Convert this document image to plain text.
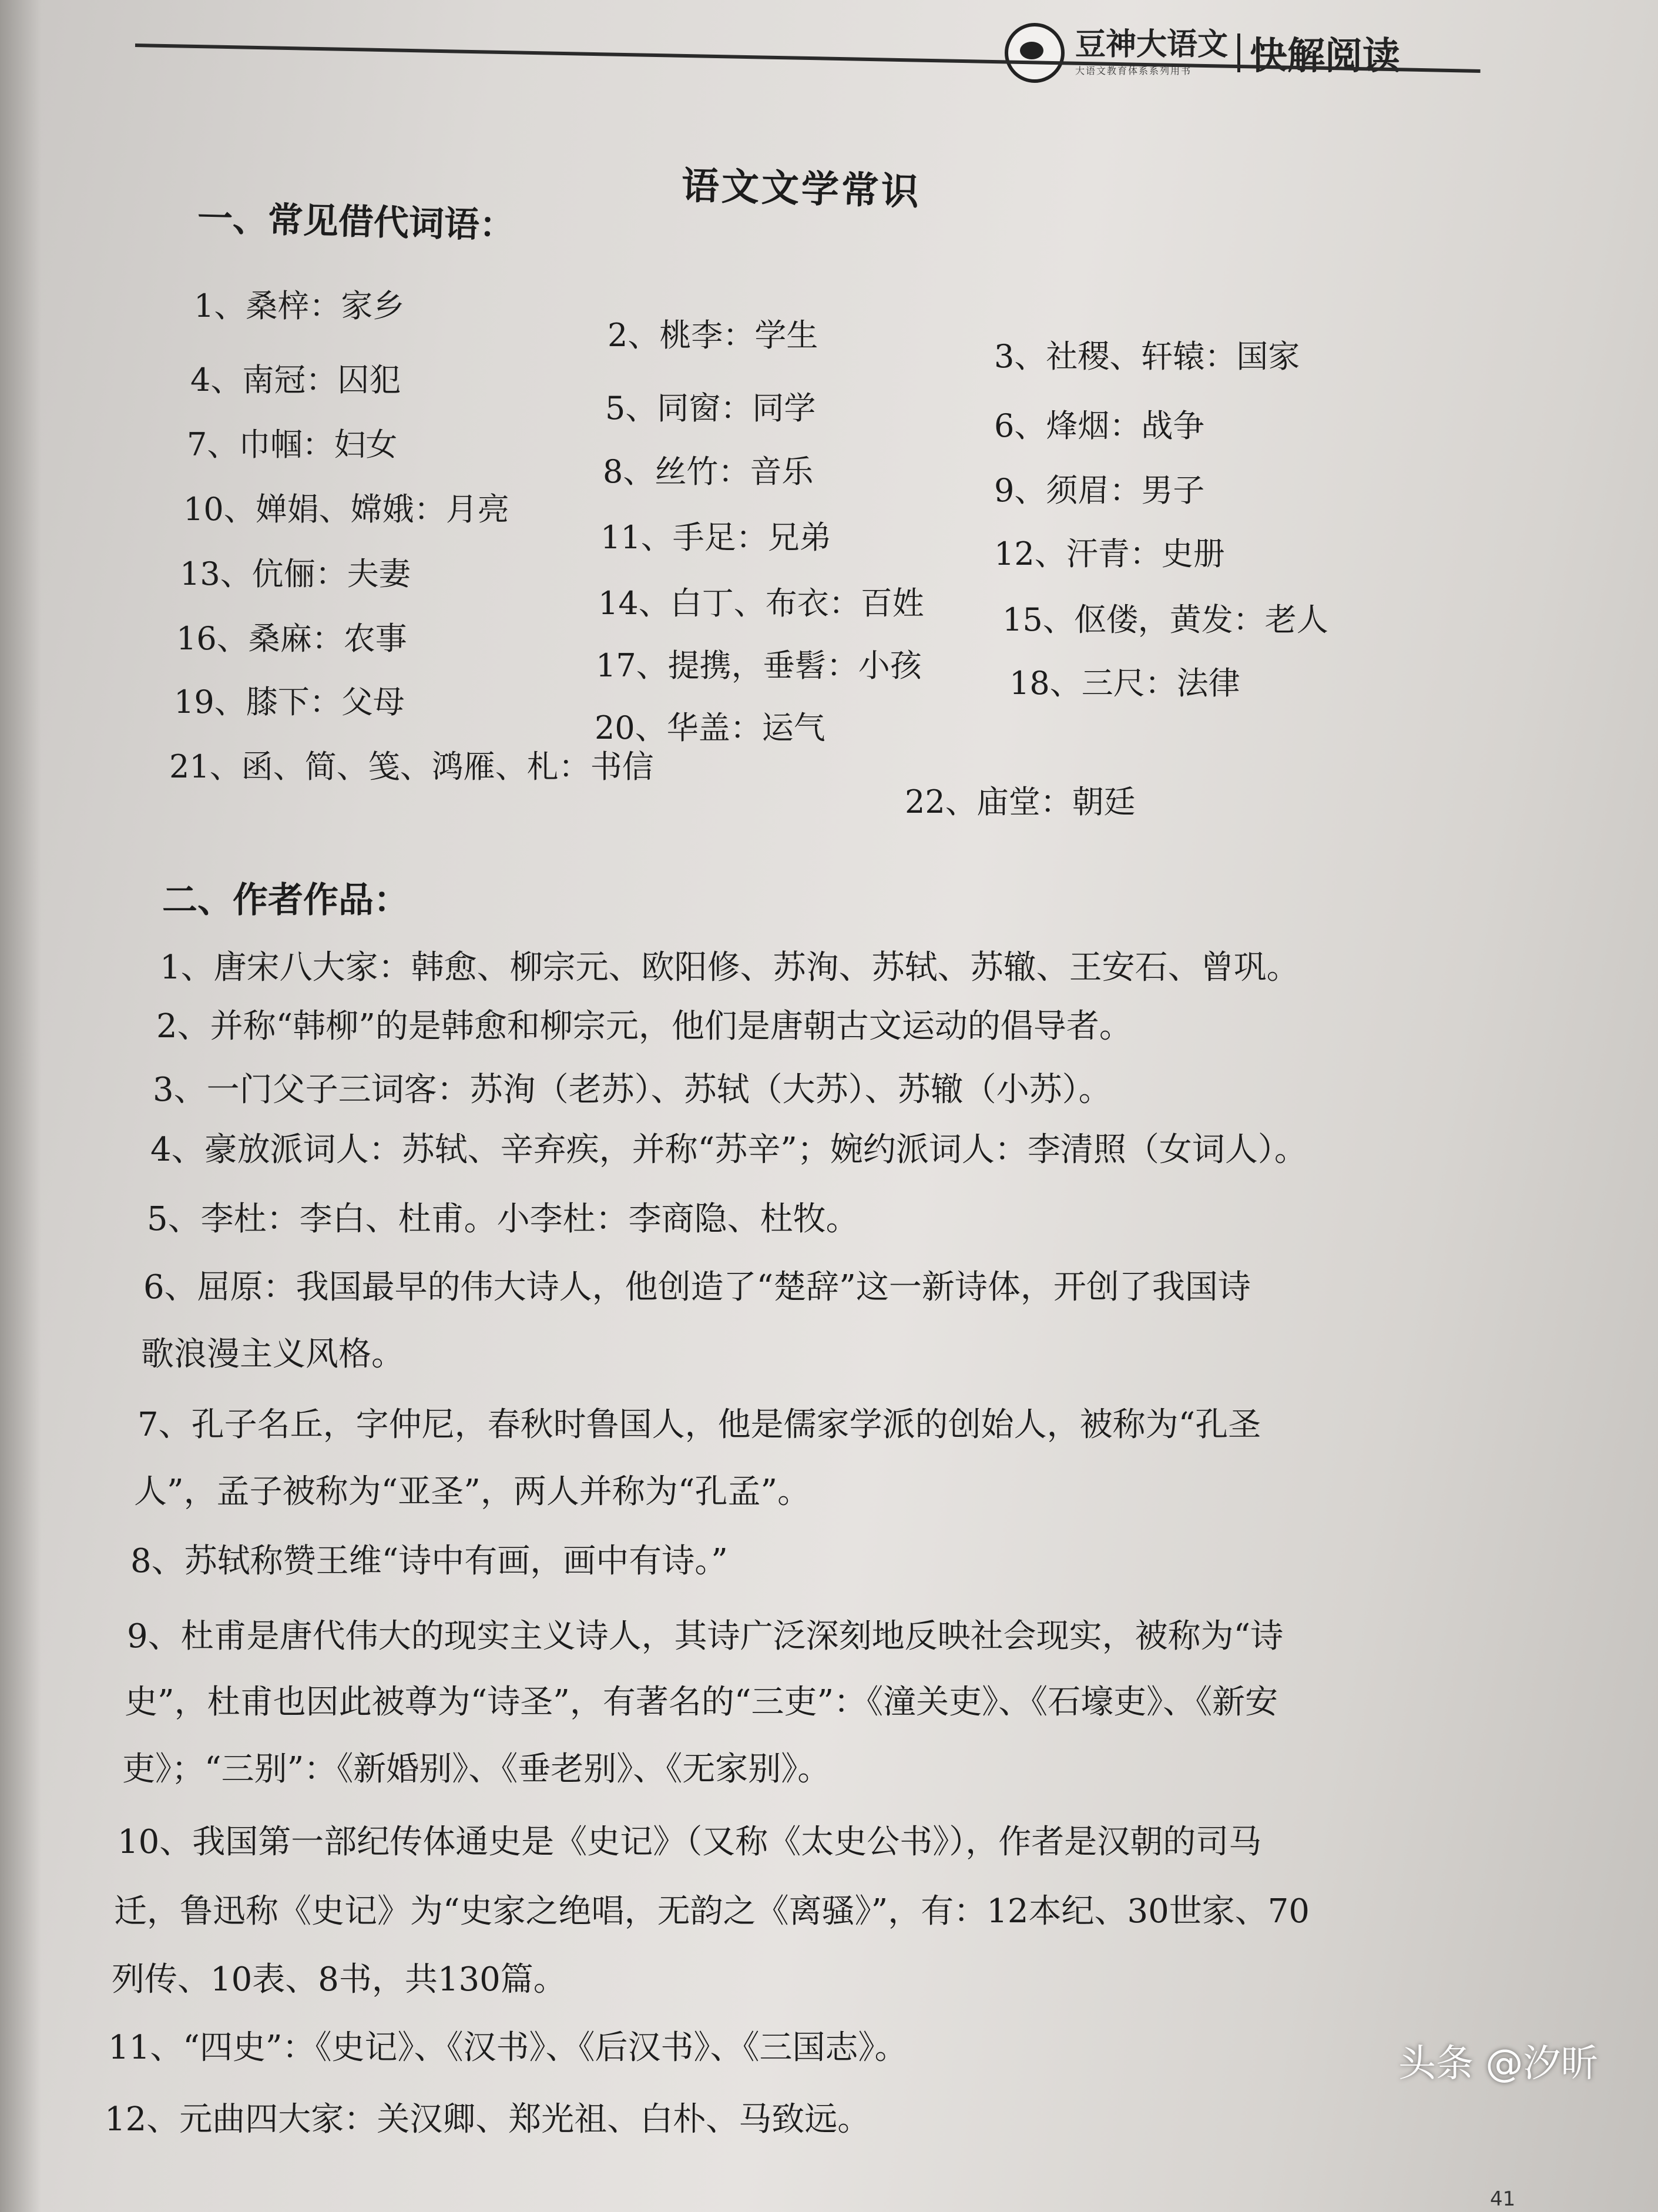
豆神大语文
大语文教育体系系列用书	快解阅读
语文文学常识
一、常见借代词语：
1、桑梓：家乡
2、桃李：学生
3、社稷、轩辕：国家
4、南冠：囚犯
5、同窗：同学	6、烽烟：战争
7、巾帼：妇女
8、丝竹：音乐
9、须眉：男子
10、婵娟、嫦娥：月亮
11、手足：兄弟	12、汗青：史册
13、伉俪：夫妻
14、白丁、布衣：百姓 15、伛偻，黄发：老人
16、桑麻：农事
17、提携，垂髫：小孩	18、三尺：法律
19、膝下：父母
20、华盖：运气
21、函、简、笺、鸿雁、札：书信
22、庙堂：朝廷
二、作者作品：
1、唐宋八大家：韩愈、柳宗元、欧阳修、苏洵、苏轼、苏辙、王安石、曾巩。
2、并称“韩柳”的是韩愈和柳宗元，他们是唐朝古文运动的倡导者。
3、一门父子三词客：苏洵（老苏）、苏轼（大苏）、苏辙（小苏）。
4、豪放派词人：苏轼、辛弃疾，并称“苏辛”；婉约派词人：李清照（女词人）。
5、李杜：李白、杜甫。小李杜：李商隐、杜牧。
6、屈原：我国最早的伟大诗人，他创造了“楚辞”这一新诗体，开创了我国诗
歌浪漫主义风格。
7、孔子名丘，字仲尼，春秋时鲁国人，他是儒家学派的创始人，被称为“孔圣
人”，孟子被称为“亚圣”，两人并称为“孔孟”。
8、苏轼称赞王维“诗中有画，画中有诗。”
9、杜甫是唐代伟大的现实主义诗人，其诗广泛深刻地反映社会现实，被称为“诗
史”，杜甫也因此被尊为“诗圣”，有著名的“三吏”：《潼关吏》、《石壕吏》、《新安
吏》；“三别”：《新婚别》、《垂老别》、《无家别》。
10、我国第一部纪传体通史是《史记》（又称《太史公书》），作者是汉朝的司马
迁，鲁迅称《史记》为“史家之绝唱，无韵之《离骚》”，有：12本纪、30世家、70
列传、10表、8书，共130篇。
11、“四史”：《史记》、《汉书》、《后汉书》、《三国志》。
12、元曲四大家：关汉卿、郑光祖、白朴、马致远。
头条 @汐昕
41
